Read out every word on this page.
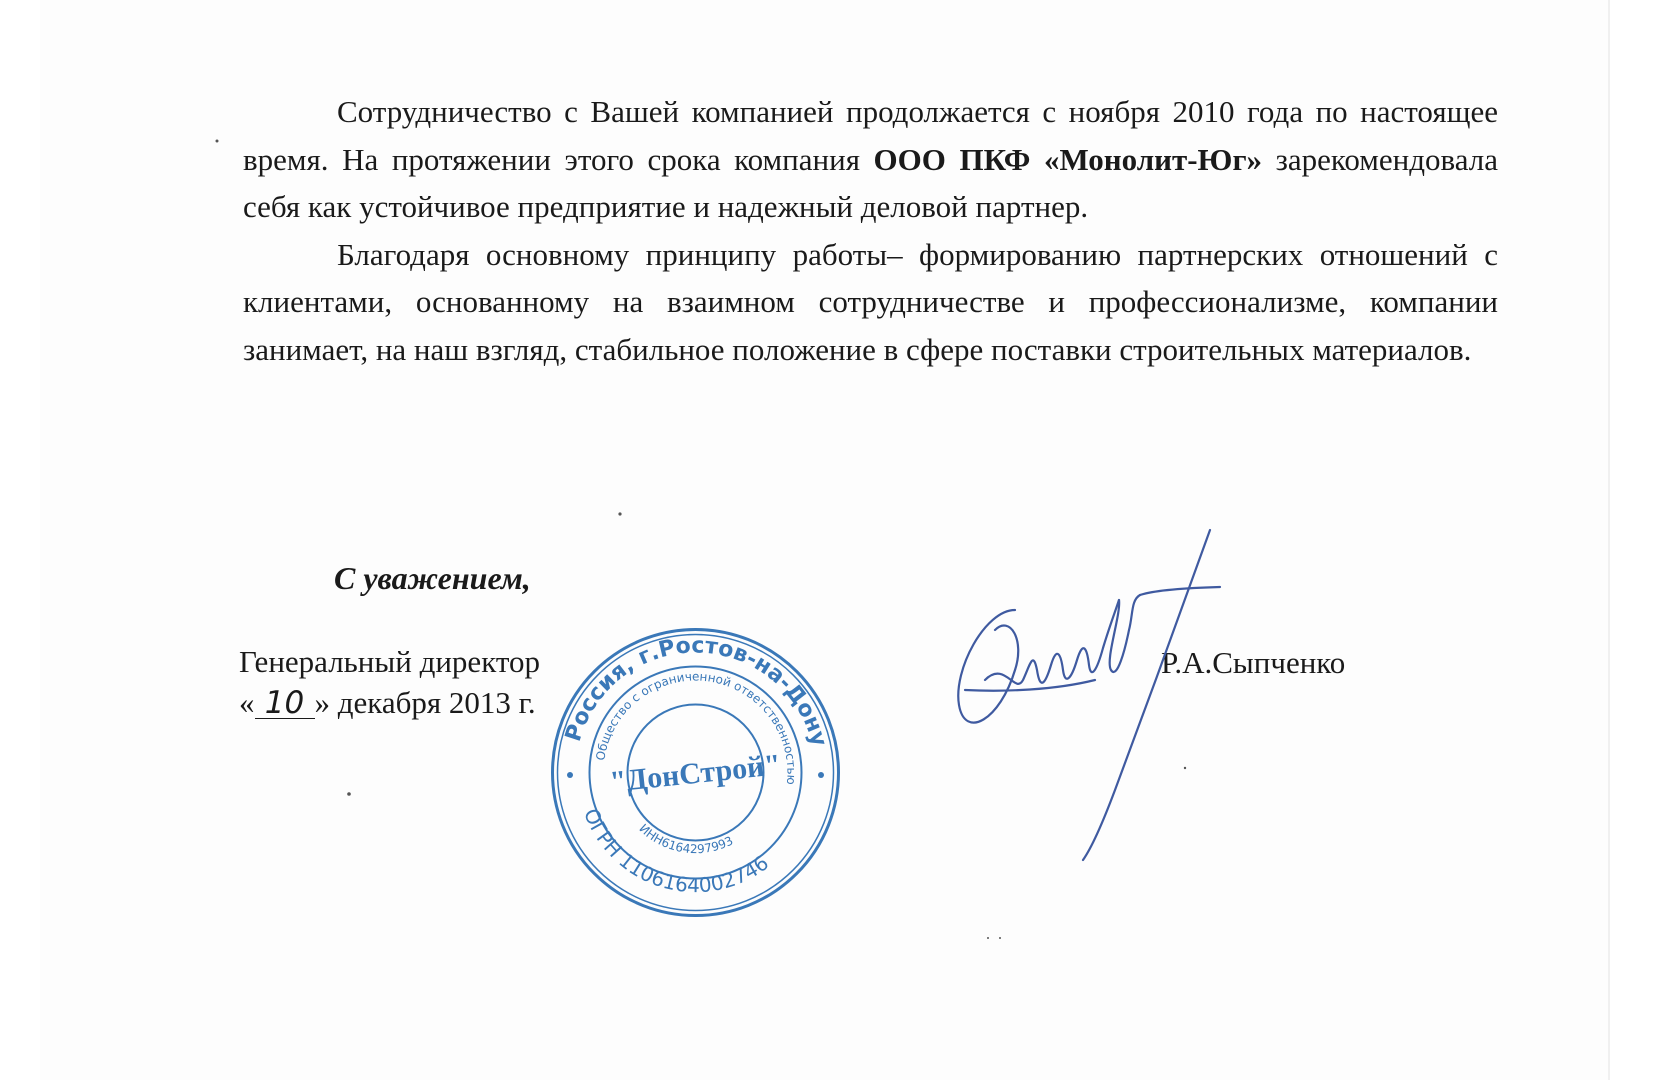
Сотрудничество с Вашей компанией продолжается с ноября 2010 года по настоящее время. На протяжении этого срока компания ООО ПКФ «Монолит-Юг» зарекомендовала себя как устойчивое предприятие и надежный деловой партнер.

Благодаря основному принципу работы– формированию партнерских отношений с клиентами, основанному на взаимном сотрудничестве и профессионализме, компании занимает, на наш взгляд, стабильное положение в сфере поставки строительных материалов.

С уважением,
Генеральный директор
« 10 » декабря 2013 г.
Р.А.Сыпченко
Россия, г.Ростов-на-Дону
Общество с ограниченной ответственностью
ОГРН 1106164002746
ИНН6164297993
"ДонСтрой"
